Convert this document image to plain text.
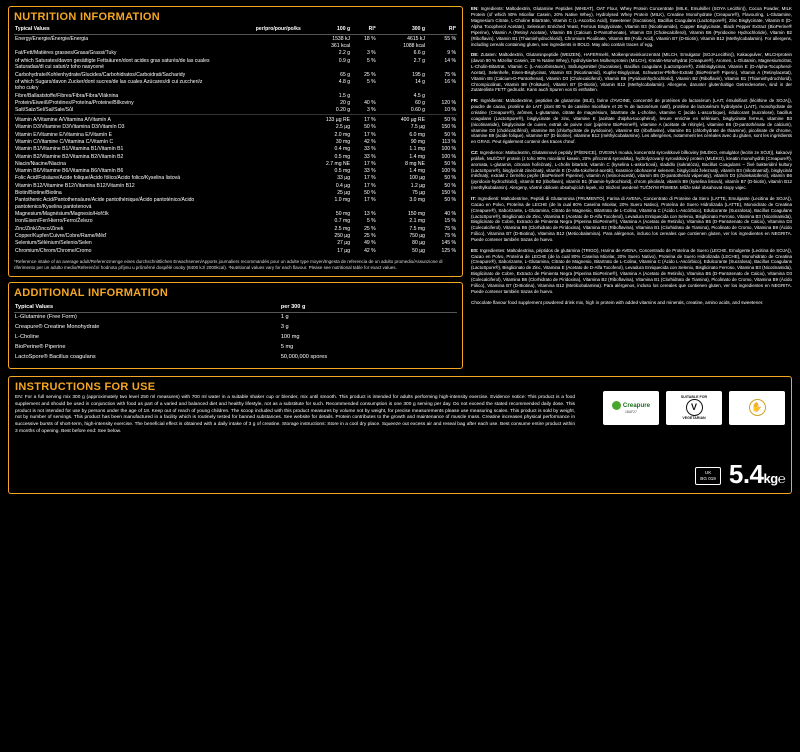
NUTRITION INFORMATION
Typical Values	per/pro/pour/po/ks	100 g	RI*	300 g	RI*
Energy/Energie/Énergie/Energia		1538 kJ	18 %	4615 kJ	55 %
		361 kcal		1088 kcal	
Fat/Fett/Matières grasses/Grasa/Grassi/Tuky		2.2 g	3 %	6.6 g	9 %
of which Saturates/davon gesättigte Fettsäuren/dont acides gras saturés/de las cuales Saturadas/di cui saturi/z toho nasycené		0.9 g	5 %	2.7 g	14 %
Carbohydrate/Kohlenhydrate/Glucides/Carbohidratos/Carboidrati/Sacharidy		65 g	25 %	195 g	75 %
of which Sugars/davon Zucker/dont sucres/de las cuales Azúcares/di cui zuccheri/z toho cukry		4.8 g	5 %	14 g	16 %
Fibre/Ballaststoffe/Fibres/Fibra/Fibra/Vláknina		1.5 g		4.5 g	
Protein/Eiweiß/Protéines/Proteína/Proteine/Bílkoviny		20 g	40 %	60 g	120 %
Salt/Salz/Sel/Sal/Sale/Sůl		0.20 g	3 %	0.60 g	10 %
Vitamin A/Vitamine A/Vitamina A/Vitamín A		133 µg RE	17 %	400 µg RE	50 %
Vitamin D3/Vitamine D3/Vitamina D3/Vitamín D3		2.5 µg	50 %	7.5 µg	150 %
Vitamin E/Vitamine E/Vitamina E/Vitamín E		2.0 mg	17 %	6.0 mg	50 %
Vitamin C/Vitamine C/Vitamina C/Vitamín C		30 mg	42 %	90 mg	113 %
Vitamin B1/Vitamine B1/Vitamina B1/Vitamín B1		0.4 mg	33 %	1.1 mg	100 %
Vitamin B2/Vitamine B2/Vitamina B2/Vitamín B2		0.5 mg	33 %	1.4 mg	100 %
Niacin/Niacine/Niacina		2.7 mg NE	17 %	8 mg NE	50 %
Vitamin B6/Vitamine B6/Vitamina B6/Vitamín B6		0.5 mg	33 %	1.4 mg	100 %
Folic Acid/Folsäure/Acide folique/Ácido fólico/Acido folico/Kyselina listová		33 µg	17 %	100 µg	50 %
Vitamin B12/Vitamine B12/Vitamina B12/Vitamín B12		0.4 µg	17 %	1.2 µg	50 %
Biotin/Biotine/Biotina		25 µg	50 %	75 µg	150 %
Pantothenic Acid/Pantothensäure/Acide pantothénique/Ácido pantoténico/Acido pantotenico/Kyselina pantotenová		1.0 mg	17 %	3.0 mg	50 %
Magnesium/Magnésium/Magnesio/Hořčík		50 mg	13 %	150 mg	40 %
Iron/Eisen/Fer/Hierro/Ferro/Železo		0.7 mg	5 %	2.1 mg	15 %
Zinc/Zink/Zinco/Zinek		2.5 mg	25 %	7.5 mg	75 %
Copper/Kupfer/Cuivre/Cobre/Rame/Měď		250 µg	25 %	750 µg	75 %
Selenium/Sélénium/Selenio/Selen		27 µg	49 %	80 µg	145 %
Chromium/Chrom/Chrome/Cromo		17 µg	42 %	50 µg	125 %
*Reference intake of an average adult/Referenzmenge eines durchschnittlichen Erwachsenen/Apports journaliers recommandés pour un adulte type moyen/Ingesta de referencia de un adulto promedio/Assunzione di riferimento per un adulto medio/Referenční hodnota příjmu u průměrné dospělé osoby (8400 kJ/ 2000kcal). ¹Nutritional values vary for each flavour. Please see nutritional table for exact values.
ADDITIONAL INFORMATION
Typical Values	per 300 g
L-Glutamine (Free Form)	1 g
Creapure® Creatine Monohydrate	3 g
L-Choline	100 mg
BioPerine® Piperine	5 mg
LactoSpore® Bacillus coagulans	50,000,000 spores
EN: Ingredients: Maltodextrin, Glutamine Peptides (WHEAT), OAT Flour, Whey Protein Concentrate (MILK, Emulsifier (SOYA Lecithin)), Cocoa Powder, MILK Protein (of which 80% Micellar Casein, 20% Native Whey), Hydrolysed Whey Protein (MILK), Creatine Monohydrate (Creapure®), Flavouring, L-Glutamine, Magnesium Citrate, L-Choline Bitartrate, Vitamin C (L-Ascorbic Acid), Sweetener (Sucralose), Bacillus Coagulans (LactoSpore®), Zinc Bisglycinate, Vitamin E (D-Alpha Tocopherol Acetate), Selenium Enriched Yeast, Ferrous Bisglycinate, Vitamin B3 (Nicotinamide), Copper Bisglycinate, Black Pepper Extract (BioPerine® Piperine), Vitamin A (Retinyl Acetate), Vitamin B5 (Calcium D-Pantothenate), Vitamin D3 (Cholecalciferol), Vitamin B6 (Pyridoxine Hydrochloride), Vitamin B2 (Riboflavin), Vitamin B1 (Thiaminhydrochlorid), Chromium Picolinate, Vitamin B9 (Folic Acid), Vitamin B7 (D-Biotin), Vitamin B12 (Methylcobalamin). For allergens, including cereals containing gluten, see ingredients in BOLD. May also contain traces of egg.
DE: Zutaten: Maltodextrin, Glutaminpeptide (WEIZEN), HAFERmehl, Molkenproteinkonzentrat (MILCH, Emulgator (SOJALecithin)), Kakaopulver, MILCHprotein (davon 80 % Mizellar Casein, 20 % Native Whey), hydrolysiertes Molkenprotein (MILCH), Kreatin-Monohydrat (Creapure®), Aromen, L-Glutamin, Magnesiumcitrat, L-Cholin-Bitartrat, Vitamin C (L-Ascorbinsäure), Süßungsmittel (Sucralose), Bacillus coagulans (LactoSpore®), Zinkbisglycinat, Vitamin E (D-Alpha-Tocopherol-Acetat), Selenhefe, Eisen-Bisglycinat, Vitamin B3 (Nicotinamid), Kupfer-Bisglycinat, Schwarzer-Pfeffer-Extrakt (BioPerine® Piperin), Vitamin A (Retinylacetat), Vitamin B5 (Calcium-D-Pantothenat), Vitamin D3 (Cholecalciferol), Vitamin B6 (Pyridoxinhydrochlorid), Vitamin B2 (Riboflavin), Vitamin B1 (Thiaminhydrochlorid), Chrompicolinat, Vitamin B9 (Folsäure), Vitamin B7 (D-Biotin), Vitamin B12 (Methylcobalamin). Allergene, darunter glutenhaltige Getreidesorten, sind in der Zutatenliste FETT gedruckt. Kann auch Spuren von Ei enthalten.
FR: Ingrédients: Maltodextrine, peptides de glutamine (BLÉ), farine d'AVOINE, concentré de protéines de lactosérum (LAIT, émulsifiant (lécithine de SOJA)), poudre de cacao, protéine de LAIT (dont 80 % de caséine micellaire et 20 % de lactosérum natif), protéine de lactosérum hydrolysée (LAIT), monohydrate de créatine (Creapure®), arômes, L-glutamine, citrate de magnésium, bitartrate de L-choline, vitamine C (acide L-ascorbique), édulcorant (sucralose), bacillus coagulans (LactoSpore®), bisglycinate de zinc, vitamine E (acétate d'alpha-tocophérol), levure enrichie en sélénium, bisglycinate ferreux, vitamine B3 (nicotinamide), bisglycinate de cuivre, extrait de poivre noir (pipérine BioPerine®), vitamine A (acétate de rétinyle), vitamine B5 (D-pantothénate de calcium), vitamine D3 (cholécalciférol), vitamine B6 (chlorhydrate de pyridoxine), vitamine B2 (riboflavine), vitamine B1 (chlorhydrate de thiamine), picolinate de chrome, vitamine B9 (acide folique), vitamine B7 (D-biotine), vitamine B12 (méthylcobalamine). Les allergènes, notamment les céréales avec du gluten, sont les ingrédients en GRAS. Peut également contenir des traces d'œuf.
CZ: Ingredience: Maltodextrin, Glutaminové peptidy (PŠENICE), OVESNÁ mouka, koncentrát syrovátkové bílkoviny (MLÉKO, emulgátor (lecitin ze SÓJI)), kakaový prášek, MLÉČNÝ protein (z toho 80% micelární kasein, 20% přirozená syrovátka), hydrolyzovaný syrovátkový protein (MLÉKO), kreatin monohydrát (Creapure®), aromata, L-glutamin, citronan hořečnatý, L-cholin bitartrát, vitamín C (kyselina L-askorbová), sladidlo (sukralóza), Bacillus Coagulans – živé bakteriální kultury (LactoSpore®), bisglycinát zinečnatý, vitamín E (D-alfa-tokoferol-acetát), kvasnice obohacené selenem, bisglycinát železnatý, vitamín B3 (nikotinamid), bisglycinát měďnatý, extrakt z černého pepře (BioPerine® Piperine), vitamín A (retinol-acetát), vitamín B5 (D-pantothenát vápenatý), vitamín D3 (cholekalciferol), vitamín B6 (pyridoxin-hydrochlorid), vitamín B2 (riboflavin), vitamín B1 (thiamin-hydrochlorid), chrom pikolinát, vitamín B9 (kyselina listová), vitamín B7 (D-biotin), vitamín B12 (methylkobalamin). Alergeny, včetně obilovin obsahujících lepek, viz Složení uvedené TUČNÝM PÍSMEM. Může také obsahovat stopy vajec.
IT: Ingredienti: Maltodestrine, Peptidi di Glutammina (FRUMENTO), Farina di AVENA, Concentrato di Proteine da Siero (LATTE, Emulgante (Lecitina de SOJA)), Cacao en Polvo, Proteína de LECHE (de la cual 80% Caseína Micelar, 20% Suero Nativo), Proteína de Suero Hidrolizada (LATTE), Monoidrato de Creatina (Creapure®), Saborizante, L-Glutamina, Citrato de Magnesio, Bitartrato de L-Colina, Vitamina C (Ácido L-Ascórbico), Edulcorante (Sucralosa), Bacillus Coagulans (LactoSpore®), Bisglicinato de Zinc, Vitamina E (Acetato de D-Alfa Tocoferol), Levadura Enriquecida con Selenio, Bisglicinato Ferroso, Vitamina B3 (Nicotinamida), Bisglicinato de Cobre, Extracto de Pimienta Negra (Piperina BioPerine®), Vitamina A (Acetato de Retinilo), Vitamina B5 (D-Pantotenato de Calcio), Vitamina D3 (Colecalciferol), Vitamina B6 (Clorhidrato de Piridoxina), Vitamina B2 (Riboflavina), Vitamina B1 (Clorhidrato de Tiamina), Picolinato de Cromo, Vitamina B9 (Ácido Fólico), Vitamina B7 (D-Biotina), Vitamina B12 (Meticobalamina). Para alérgenos, incluso los cereales que contienen gluten, ver los ingredientes en NEGRITA. Puede contener también trazas de huevo.
ES: Ingredientes: Maltodextrina, péptidos de glutamina (TRIGO), Harina de AVENA, Concentrado de Proteína de Suero (LECHE, Emulgente (Lecitina de SOJA)), Cacao en Polvo, Proteína de LECHE (de la cual 80% Caseína Micelar, 20% Suero Nativo), Proteína de Suero Hidrolizada (LECHE), Monohidrato de Creatina (Creapure®), Saborizante, L-Glutamina, Citrato de Magnesio, Bitartrato de L-Colina, Vitamina C (Ácido L-Ascórbico), Edulcorante (Sucralosa), Bacillus Coagulans (LactoSpore®), Bisglicinato de Zinc, Vitamina E (Acetato de D-Alfa Tocoferol), Levadura Enriquecida con Selenio, Bisglicinato Ferroso, Vitamina B3 (Nicotinamida), Bisglicinato de Cobre, Extracto de Pimienta Negra (Piperina BioPerine®), Vitamina A (Acetato de Retinilo), Vitamina B5 (D-Pantotenato de Calcio), Vitamina D3 (Colecalciferol), Vitamina B6 (Clorhidrato de Piridoxina), Vitamina B2 (Riboflavina), Vitamina B1 (Clorhidrato de Tiamina), Picolinato de Cromo, Vitamina B9 (Ácido Fólico), Vitamina B7 (D-Biotina), Vitamina B12 (Metilcobalamina). Para alérgenos, incluso los cereales que contienen gluten, ver los ingredientes en NEGRITA. Puede contener también trazas de huevo.
Chocolate flavour food supplement powdered drink mix, high in protein with added vitamins and minerals, creatine, amino acids, and sweetener.
INSTRUCTIONS FOR USE
EN: For a full serving mix 300 g (approximately two level 250 ml measures) with 700 ml water in a suitable shaker cup or blender, mix until smooth. This product is intended for adults performing high-intensity exercise. Evidence notice: This product is a food supplement and should be used in conjunction with food as part of a varied and balanced diet and healthy lifestyle, not as a substitute for such. Recommended consumption is one 300 g serving per day. Do not exceed the stated recommended daily dose. This product is not intended for use by persons under the age of 18. Keep out of reach of young children. The scoop included with this product measures by volume not by weight, for precise measurements please use measuring scales. This product is sold by weight, not by number of servings. This product has been manufactured in a facility which is routinely tested for banned substances. See website for details. Protein contributes to the growth and maintenance of muscle mass. Creatine increases physical performance in successive bursts of short-term, high-intensity exercise. The beneficial effect is obtained with a daily intake of 3 g of creatine. Storage instructions: Store in a cool dry place. Squeeze out excess air and reseal bag after each use. Best consume entire product within 3 months of opening. Best before end: See below.
Creapure
18AF27
SUITABLE FOR
V
VEGETARIAN
✋
UK
BG 019 5.4kg℮
